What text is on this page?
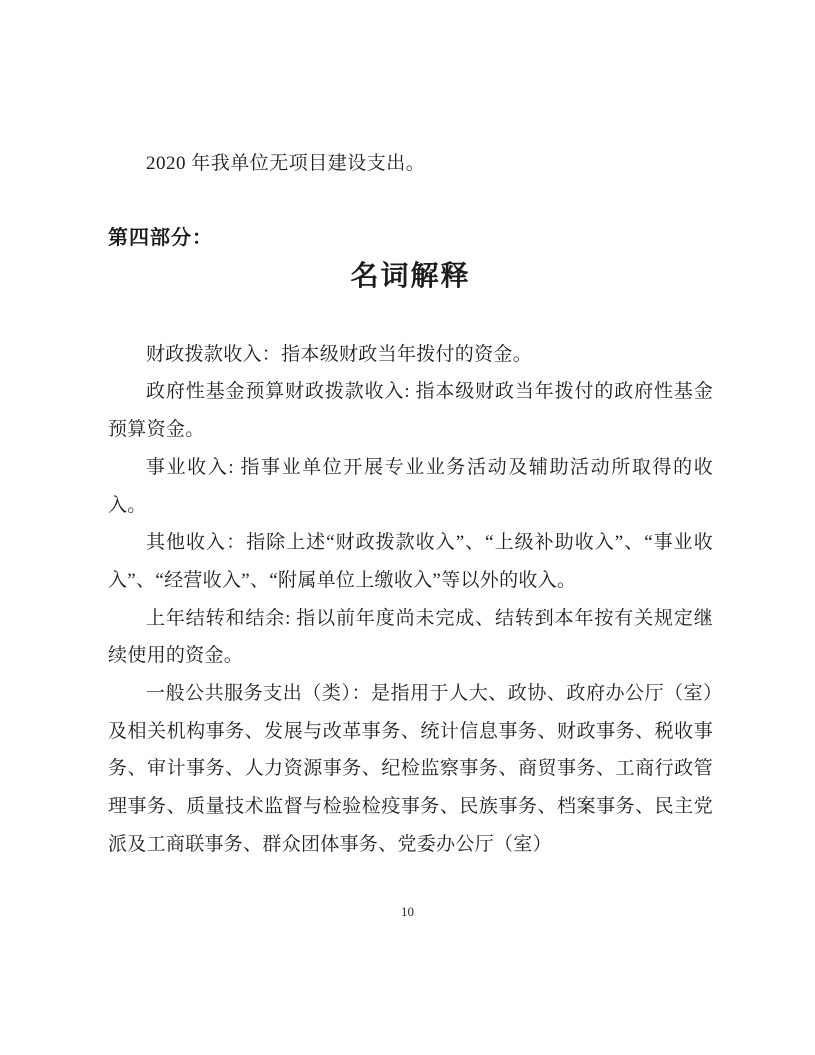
2020 年我单位无项目建设支出。

第四部分：
名词解释

财政拨款收入：指本级财政当年拨付的资金。

政府性基金预算财政拨款收入: 指本级财政当年拨付的政府性基金预算资金。

事业收入: 指事业单位开展专业业务活动及辅助活动所取得的收入。

其他收入：指除上述“财政拨款收入”、“上级补助收入”、“事业收入”、“经营收入”、“附属单位上缴收入”等以外的收入。

上年结转和结余: 指以前年度尚未完成、结转到本年按有关规定继续使用的资金。

一般公共服务支出（类）：是指用于人大、政协、政府办公厅（室）及相关机构事务、发展与改革事务、统计信息事务、财政事务、税收事务、审计事务、人力资源事务、纪检监察事务、商贸事务、工商行政管理事务、质量技术监督与检验检疫事务、民族事务、档案事务、民主党派及工商联事务、群众团体事务、党委办公厅（室）

10
